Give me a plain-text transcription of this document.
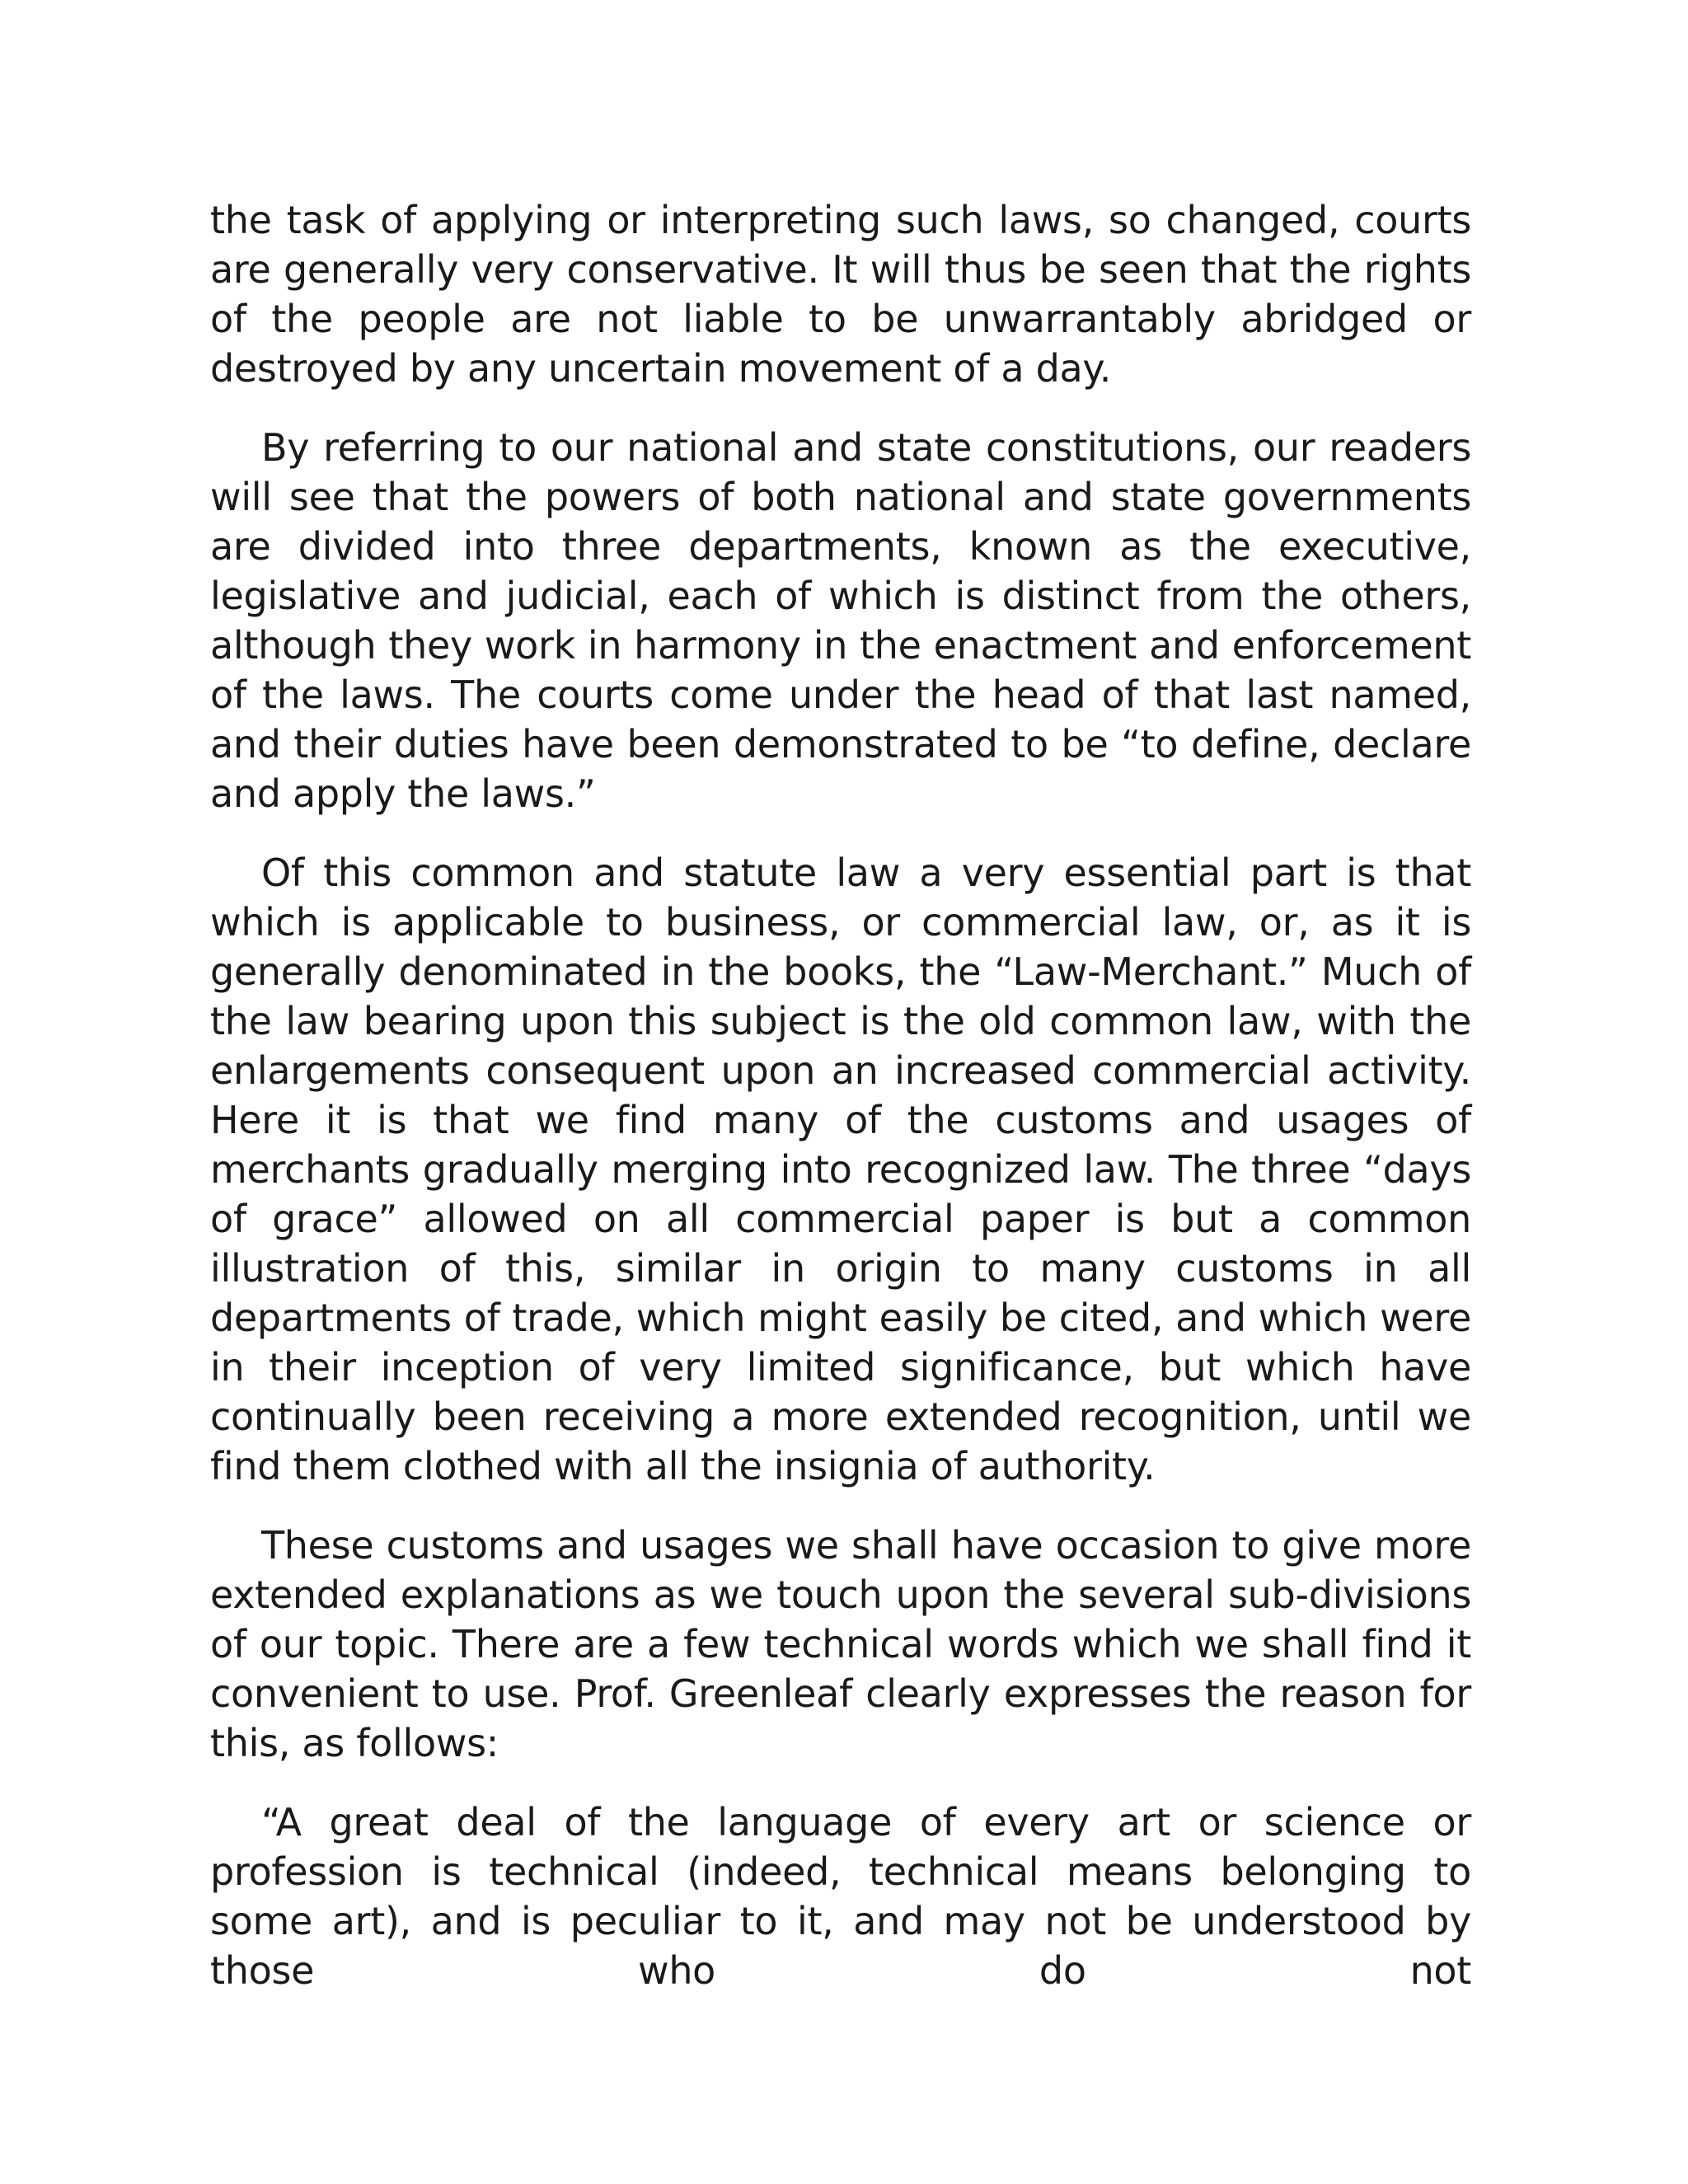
the task of applying or interpreting such laws, so changed, courts are generally very conservative. It will thus be seen that the rights of the people are not liable to be unwarrantably abridged or destroyed by any uncertain movement of a day.

By referring to our national and state constitutions, our readers will see that the powers of both national and state governments are divided into three departments, known as the executive, legislative and judicial, each of which is distinct from the others, although they work in harmony in the enactment and enforcement of the laws. The courts come under the head of that last named, and their duties have been demonstrated to be “to define, declare and apply the laws.”

Of this common and statute law a very essential part is that which is applicable to business, or commercial law, or, as it is generally denominated in the books, the “Law-Merchant.” Much of the law bearing upon this subject is the old common law, with the enlargements consequent upon an increased commercial activity. Here it is that we find many of the customs and usages of merchants gradually merging into recognized law. The three “days of grace” allowed on all commercial paper is but a common illustration of this, similar in origin to many customs in all departments of trade, which might easily be cited, and which were in their inception of very limited significance, but which have continually been receiving a more extended recognition, until we find them clothed with all the insignia of authority.

These customs and usages we shall have occasion to give more extended explanations as we touch upon the several sub-divisions of our topic. There are a few technical words which we shall find it convenient to use. Prof. Greenleaf clearly expresses the reason for this, as follows:

“A great deal of the language of every art or science or profession is technical (indeed, technical means belonging to some art), and is peculiar to it, and may not be understood by those who do not
